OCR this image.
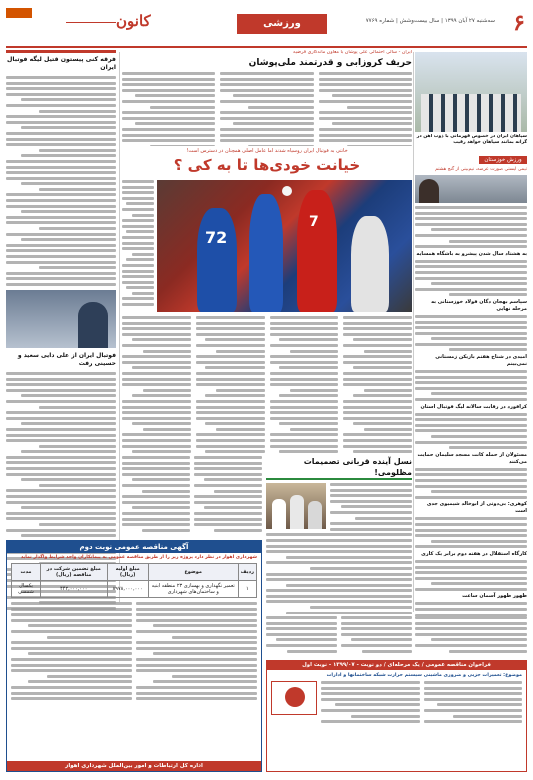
۶
سه‌شنبه ۲۷ آبان ۱۳۹۹ | سال بیست‌وشش | شماره ۷۷۶۹
ورزشی
کانون
فرقه کنی پیستون قتیل لیگه فوتبال ایران
فوتبال ایران از علی دایی سعید و حسینی رفت
ایران - سالی احتمالی علی پوشان با معاون ماندگاری فرضیه
حریف کروزابی و قدرتمند ملی‌پوشان
سپاهان ایران در خصوص قهرمانی با ذوب آهن در گرانه بمانند سپاهان خواهد رقیب
خانتی به فوتبال ایران روسیاه شدند اما عامل اصلی همچنان در دسترس است!
خیانت خودی‌ها تا به کی ؟
72
7
ورزش خوزستان
تیمی ایستی صورت عرضه، نیم‌بینی از گنج هشتم
به هشتاد سال شدن پیشرو به باشگاه همسایه
سپاسم بهجان دگان فولاد خوزستانی به مرحله نهایی
امیدی در شناخ هفتم بازیکن زمستانی نمی‌بینم
کرافورد در رقابت سالانه لیگ فوتبال استان
مسئولان از حمله کانت مسجد سلیمان حمایت می‌کنند
کوهری: بی‌دوتی از ابوخالد شیمیوی جدی است
کارگاه استقلال در هفته دوم برابر یک کاری
ظهور ظهور آسمان ساعت
نسل آینده قربانی تصمیمات مظلومی!
آگهی مناقصه عمومی نوبت دوم
شهرداری اهواز در نظر دارد پروژه زیر را از طریق مناقصه عمومی به پیمانکاران واجد شرایط واگذار نماید
ردیف	موضوع	مبلغ اولیه (ریال)	مبلغ تضمین شرکت در مناقصه (ریال)	مدت
۱	تعمیر نگهداری و بهسازی ۲۳ منطقه ابنیه و ساختمان‌های شهرداری	۸۹۷۸,۰۰۰,۰۰۰	۴۴۲,۰۰۰,۰۰۰	یکسال شمسی
اداره کل ارتباطات و امور بین‌الملل شهرداری اهواز
فراخوان مناقصه عمومی / یک مرحله‌ای / دو نوبت - ۱۳۹۹/۰۷ - نوبت اول
موضوع: تعمیرات جزیی و ضروری ماشینی سیستم حرارت شبکه ساختمانها و ادارات
